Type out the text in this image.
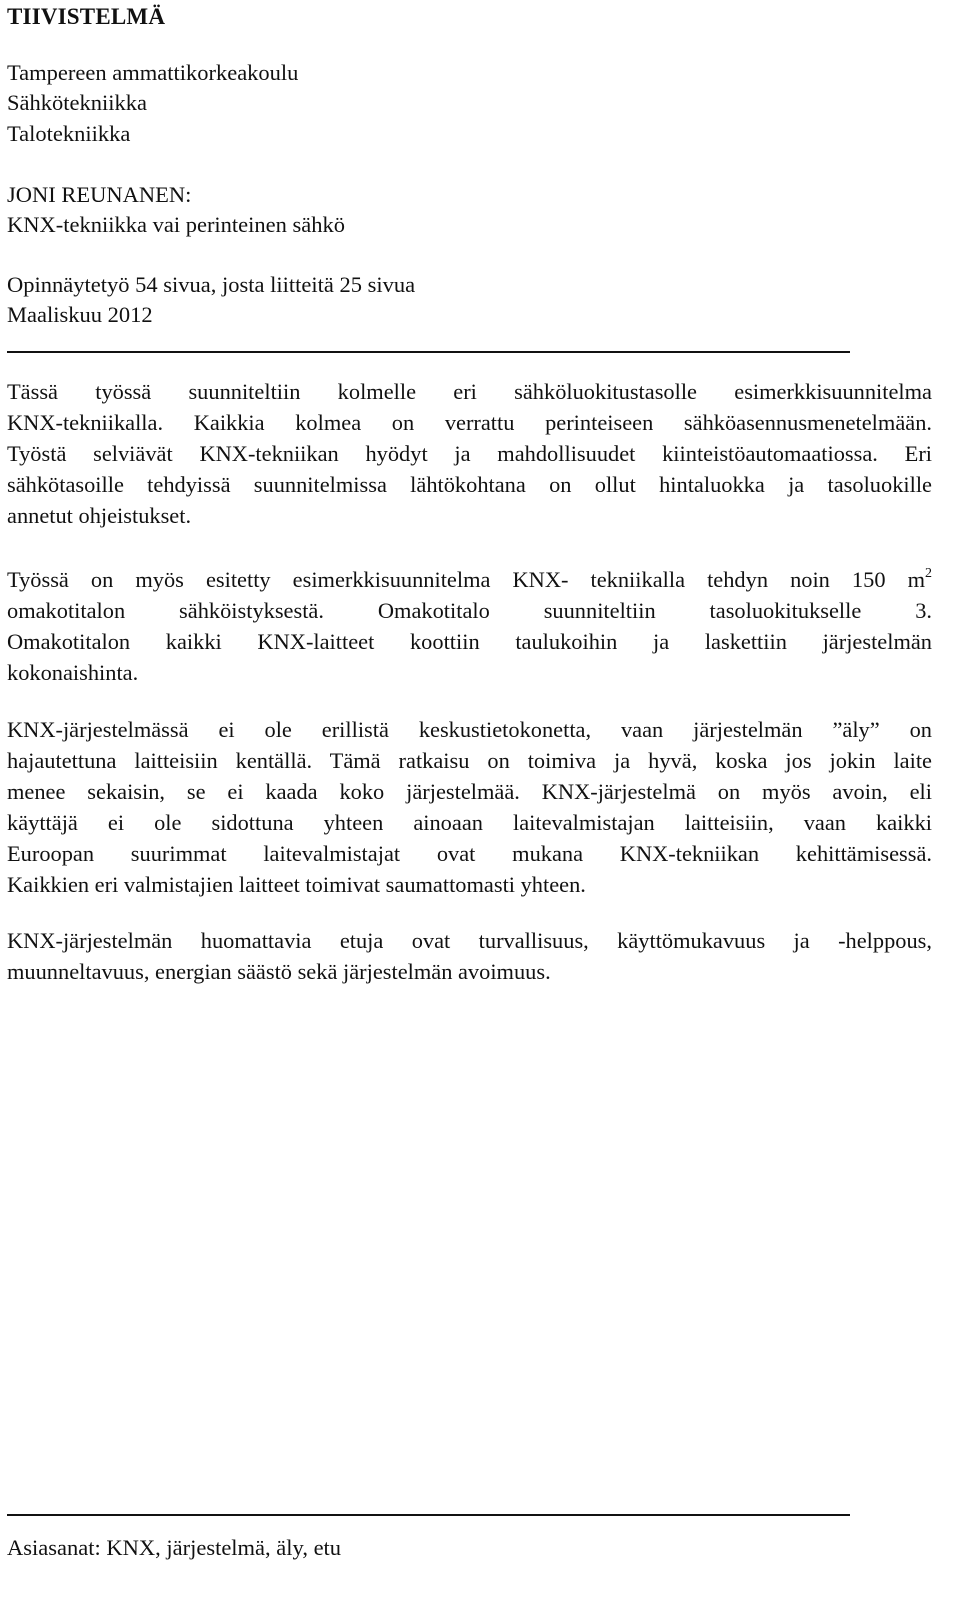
TIIVISTELMÄ
Tampereen ammattikorkeakoulu
Sähkötekniikka
Talotekniikka
JONI REUNANEN:
KNX-tekniikka vai perinteinen sähkö
Opinnäytetyö 54 sivua, josta liitteitä 25 sivua
Maaliskuu 2012
Tässä työssä suunniteltiin kolmelle eri sähköluokitustasolle esimerkkisuunnitelma
KNX-tekniikalla. Kaikkia kolmea on verrattu perinteiseen sähköasennusmenetelmään.
Työstä selviävät KNX-tekniikan hyödyt ja mahdollisuudet kiinteistöautomaatiossa. Eri
sähkötasoille tehdyissä suunnitelmissa lähtökohtana on ollut hintaluokka ja tasoluokille
annetut ohjeistukset.
Työssä on myös esitetty esimerkkisuunnitelma KNX- tekniikalla tehdyn noin 150 $m^2$
omakotitalon sähköistyksestä. Omakotitalo suunniteltiin tasoluokitukselle 3.
Omakotitalon kaikki KNX-laitteet koottiin taulukoihin ja laskettiin järjestelmän
kokonaishinta.
KNX-järjestelmässä ei ole erillistä keskustietokonetta, vaan järjestelmän ”äly” on
hajautettuna laitteisiin kentällä. Tämä ratkaisu on toimiva ja hyvä, koska jos jokin laite
menee sekaisin, se ei kaada koko järjestelmää. KNX-järjestelmä on myös avoin, eli
käyttäjä ei ole sidottuna yhteen ainoaan laitevalmistajan laitteisiin, vaan kaikki
Euroopan suurimmat laitevalmistajat ovat mukana KNX-tekniikan kehittämisessä.
Kaikkien eri valmistajien laitteet toimivat saumattomasti yhteen.
KNX-järjestelmän huomattavia etuja ovat turvallisuus, käyttömukavuus ja -helppous,
muunneltavuus, energian säästö sekä järjestelmän avoimuus.
Asiasanat: KNX, järjestelmä, äly, etu
